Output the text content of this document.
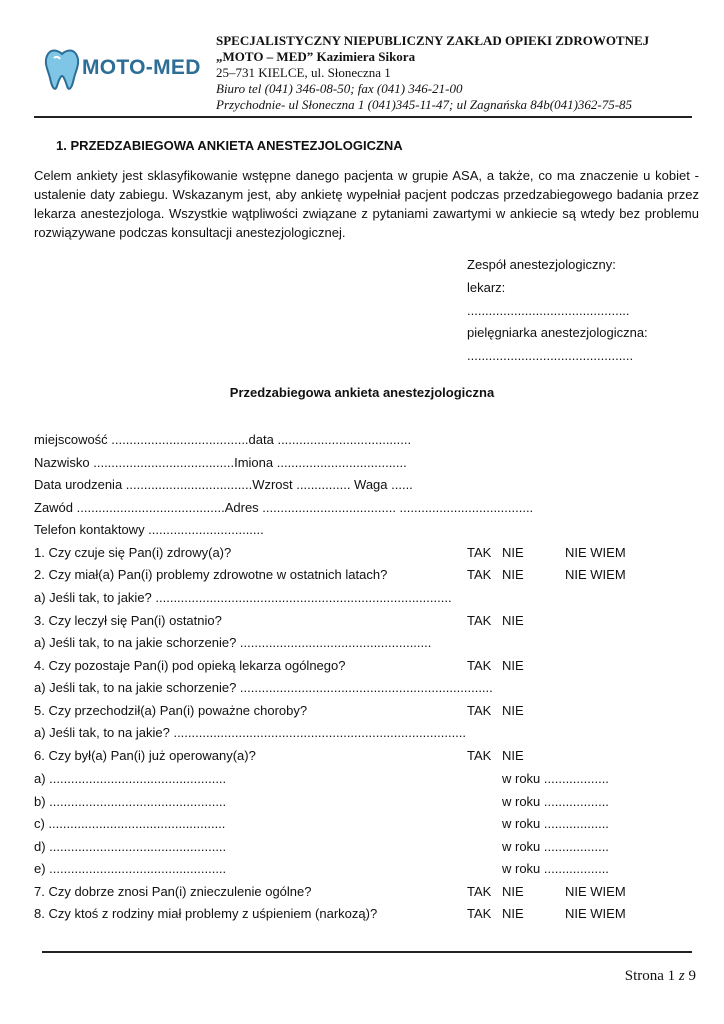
MOTO-MED
SPECJALISTYCZNY NIEPUBLICZNY ZAKŁAD OPIEKI ZDROWOTNEJ
„MOTO – MED” Kazimiera Sikora
25–731 KIELCE, ul. Słoneczna 1
Biuro tel (041) 346-08-50; fax (041) 346-21-00
Przychodnie- ul Słoneczna 1 (041)345-11-47; ul Zagnańska 84b(041)362-75-85
1. PRZEDZABIEGOWA ANKIETA ANESTEZJOLOGICZNA
Celem ankiety jest sklasyfikowanie wstępne danego pacjenta w grupie ASA, a także, co ma znaczenie u kobiet - ustalenie daty zabiegu. Wskazanym jest, aby ankietę wypełniał pacjent podczas przedzabiegowego badania przez lekarza anestezjologa. Wszystkie wątpliwości związane z pytaniami zawartymi w ankiecie są wtedy bez problemu rozwiązywane podczas konsultacji anestezjologicznej.
Zespół anestezjologiczny:
lekarz:
.............................................
pielęgniarka anestezjologiczna:
..............................................
Przedzabiegowa ankieta anestezjologiczna
miejscowość ......................................data .....................................
Nazwisko .......................................Imiona ....................................
Data urodzenia ...................................Wzrost ............... Waga ......
Zawód .........................................Adres ..................................... .....................................
Telefon kontaktowy ................................
1. Czy czuje się Pan(i) zdrowy(a)?	TAK NIE	NIE WIEM
2. Czy miał(a) Pan(i) problemy zdrowotne w ostatnich latach?	TAK NIE	NIE WIEM
a) Jeśli tak, to jakie? ..................................................................................
3. Czy leczył się Pan(i) ostatnio?	TAK NIE
a) Jeśli tak, to na jakie schorzenie? .....................................................
4. Czy pozostaje Pan(i) pod opieką lekarza ogólnego?	TAK NIE
a) Jeśli tak, to na jakie schorzenie? ......................................................................
5. Czy przechodził(a) Pan(i) poważne choroby?	TAK NIE
a) Jeśli tak, to na jakie? .................................................................................
6. Czy był(a) Pan(i) już operowany(a)?	TAK NIE
a) .................................................	w roku ..................
b) .................................................	w roku ..................
c) .................................................	w roku ..................
d) .................................................	w roku ..................
e) .................................................	w roku ..................
7. Czy dobrze znosi Pan(i) znieczulenie ogólne?	TAK NIE	NIE WIEM
8. Czy ktoś z rodziny miał problemy z uśpieniem (narkozą)?	TAK NIE	NIE WIEM
Strona 1 z 9
